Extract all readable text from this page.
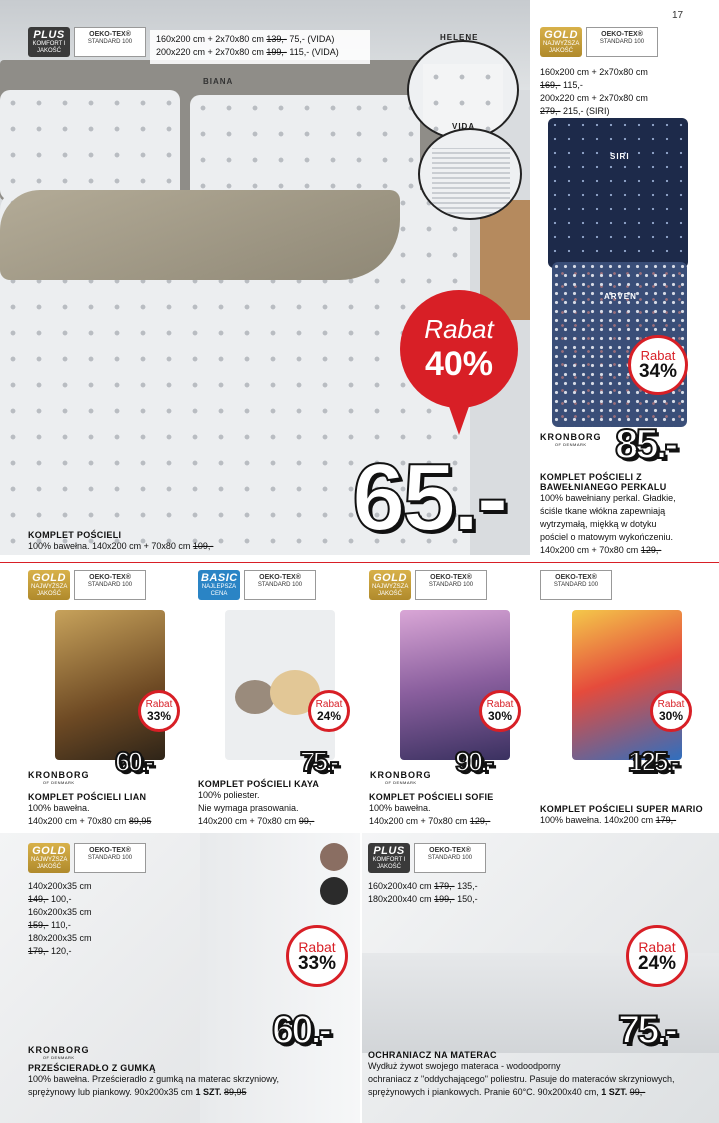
PLUS
KOMFORT I JAKOŚĆ
OEKO-TEX®
STANDARD 100	160x200 cm + 2x70x80 cm 139,- 75,- (VIDA)
200x220 cm + 2x70x80 cm 199,- 115,- (VIDA)
BIANA
HELENE
VIDA
Rabat
40%
65.-
KOMPLET POŚCIELI
100% bawełna. 140x200 cm + 70x80 cm 109,-
17
GOLD
NAJWYŻSZA JAKOŚĆ
OEKO-TEX®
STANDARD 100
160x200 cm + 2x70x80 cm
169,- 115,-
200x220 cm + 2x70x80 cm
279,- 215,- (SIRI)
SIRI
ARVEN
Rabat
34%
KRONBORG
OF DENMARK 85.-
KOMPLET POŚCIELI Z
BAWEŁNIANEGO PERKALU
100% bawełniany perkal. Gładkie,
ściśle tkane włókna zapewniają
wytrzymałą, miękką w dotyku
pościel o matowym wykończeniu.
140x200 cm + 70x80 cm 129,-
GOLD
NAJWYŻSZA JAKOŚĆ
OEKO-TEX®
STANDARD 100
Rabat
33%
KRONBORG
OF DENMARK
60.-
KOMPLET POŚCIELI LIAN
100% bawełna.
140x200 cm + 70x80 cm 89,95
BASIC
NAJLEPSZA CENA
OEKO-TEX®
STANDARD 100
Rabat
24%
75.-
KOMPLET POŚCIELI KAYA
100% poliester.
Nie wymaga prasowania.
140x200 cm + 70x80 cm 99,-
GOLD
NAJWYŻSZA JAKOŚĆ
OEKO-TEX®
STANDARD 100
Rabat
30%
KRONBORG
OF DENMARK
90.-
KOMPLET POŚCIELI SOFIE
100% bawełna.
140x200 cm + 70x80 cm 129,-
OEKO-TEX®
STANDARD 100
Rabat
30%
125.-
KOMPLET POŚCIELI SUPER MARIO
100% bawełna. 140x200 cm 179,-
GOLD
NAJWYŻSZA JAKOŚĆ
OEKO-TEX®
STANDARD 100
140x200x35 cm
149,- 100,-
160x200x35 cm
159,- 110,-
180x200x35 cm
179,- 120,-	Rabat
33%
60.-
KRONBORG
OF DENMARK
PRZEŚCIERADŁO Z GUMKĄ
100% bawełna. Prześcieradło z gumką na materac skrzyniowy,
sprężynowy lub piankowy. 90x200x35 cm 1 SZT. 89,95
PLUS
KOMFORT I JAKOŚĆ
OEKO-TEX®
STANDARD 100
160x200x40 cm 179,- 135,-
180x200x40 cm 199,- 150,-
Rabat
24%
75.-
OCHRANIACZ NA MATERAC
Wydłuż żywot swojego materaca - wodoodporny
ochraniacz z "oddychającego" poliestru. Pasuje do materaców skrzyniowych,
sprężynowych i piankowych. Pranie 60°C. 90x200x40 cm, 1 SZT. 99,-
